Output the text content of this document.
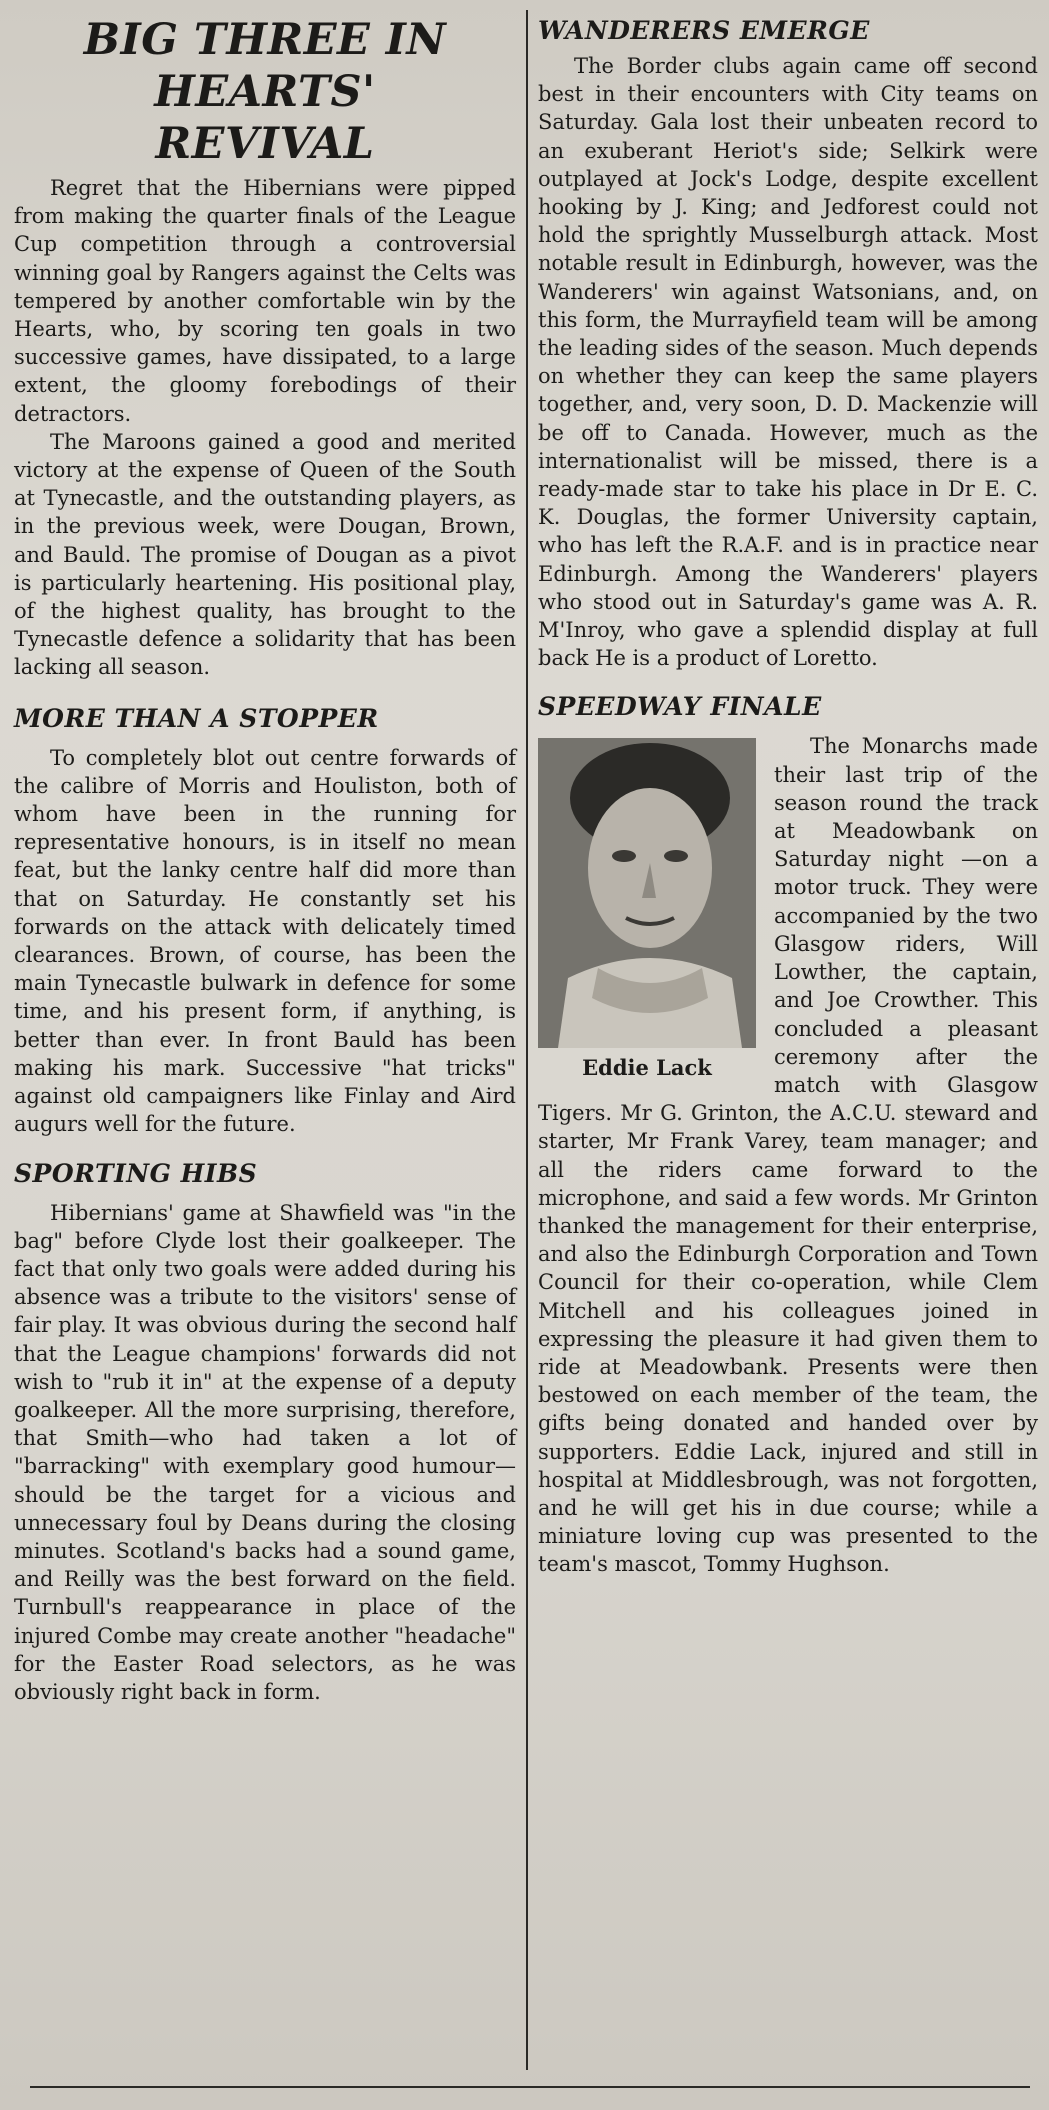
BIG THREE IN HEARTS'
REVIVAL

Regret that the Hibernians were pipped from making the quarter finals of the League Cup competition through a controversial winning goal by Rangers against the Celts was tempered by another comfortable win by the Hearts, who, by scoring ten goals in two successive games, have dissipated, to a large extent, the gloomy forebodings of their detractors.

The Maroons gained a good and merited victory at the expense of Queen of the South at Tynecastle, and the outstanding players, as in the previous week, were Dougan, Brown, and Bauld. The promise of Dougan as a pivot is particularly heartening. His positional play, of the highest quality, has brought to the Tynecastle defence a solidarity that has been lacking all season.

MORE THAN A STOPPER

To completely blot out centre forwards of the calibre of Morris and Houliston, both of whom have been in the running for representative honours, is in itself no mean feat, but the lanky centre half did more than that on Saturday. He constantly set his forwards on the attack with delicately timed clearances. Brown, of course, has been the main Tynecastle bulwark in defence for some time, and his present form, if anything, is better than ever. In front Bauld has been making his mark. Successive "hat tricks" against old campaigners like Finlay and Aird augurs well for the future.

SPORTING HIBS

Hibernians' game at Shawfield was "in the bag" before Clyde lost their goalkeeper. The fact that only two goals were added during his absence was a tribute to the visitors' sense of fair play. It was obvious during the second half that the League champions' forwards did not wish to "rub it in" at the expense of a deputy goalkeeper. All the more surprising, therefore, that Smith—who had taken a lot of "barracking" with exemplary good humour—should be the target for a vicious and unnecessary foul by Deans during the closing minutes. Scotland's backs had a sound game, and Reilly was the best forward on the field. Turnbull's reappearance in place of the injured Combe may create another "headache" for the Easter Road selectors, as he was obviously right back in form.

WANDERERS EMERGE

The Border clubs again came off second best in their encounters with City teams on Saturday. Gala lost their unbeaten record to an exuberant Heriot's side; Selkirk were outplayed at Jock's Lodge, despite excellent hooking by J. King; and Jedforest could not hold the sprightly Musselburgh attack. Most notable result in Edinburgh, however, was the Wanderers' win against Watsonians, and, on this form, the Murrayfield team will be among the leading sides of the season. Much depends on whether they can keep the same players together, and, very soon, D. D. Mackenzie will be off to Canada. However, much as the internationalist will be missed, there is a ready-made star to take his place in Dr E. C. K. Douglas, the former University captain, who has left the R.A.F. and is in practice near Edinburgh. Among the Wanderers' players who stood out in Saturday's game was A. R. M'Inroy, who gave a splendid display at full back He is a product of Loretto.

SPEEDWAY FINALE
Eddie Lack

The Monarchs made their last trip of the season round the track at Meadowbank on Saturday night —on a motor truck. They were accompanied by the two Glasgow riders, Will Lowther, the captain, and Joe Crowther. This concluded a pleasant ceremony after the match with Glasgow Tigers. Mr G. Grinton, the A.C.U. steward and starter, Mr Frank Varey, team manager; and all the riders came forward to the microphone, and said a few words. Mr Grinton thanked the management for their enterprise, and also the Edinburgh Corporation and Town Council for their co-operation, while Clem Mitchell and his colleagues joined in expressing the pleasure it had given them to ride at Meadowbank. Presents were then bestowed on each member of the team, the gifts being donated and handed over by supporters. Eddie Lack, injured and still in hospital at Middlesbrough, was not forgotten, and he will get his in due course; while a miniature loving cup was presented to the team's mascot, Tommy Hughson.
